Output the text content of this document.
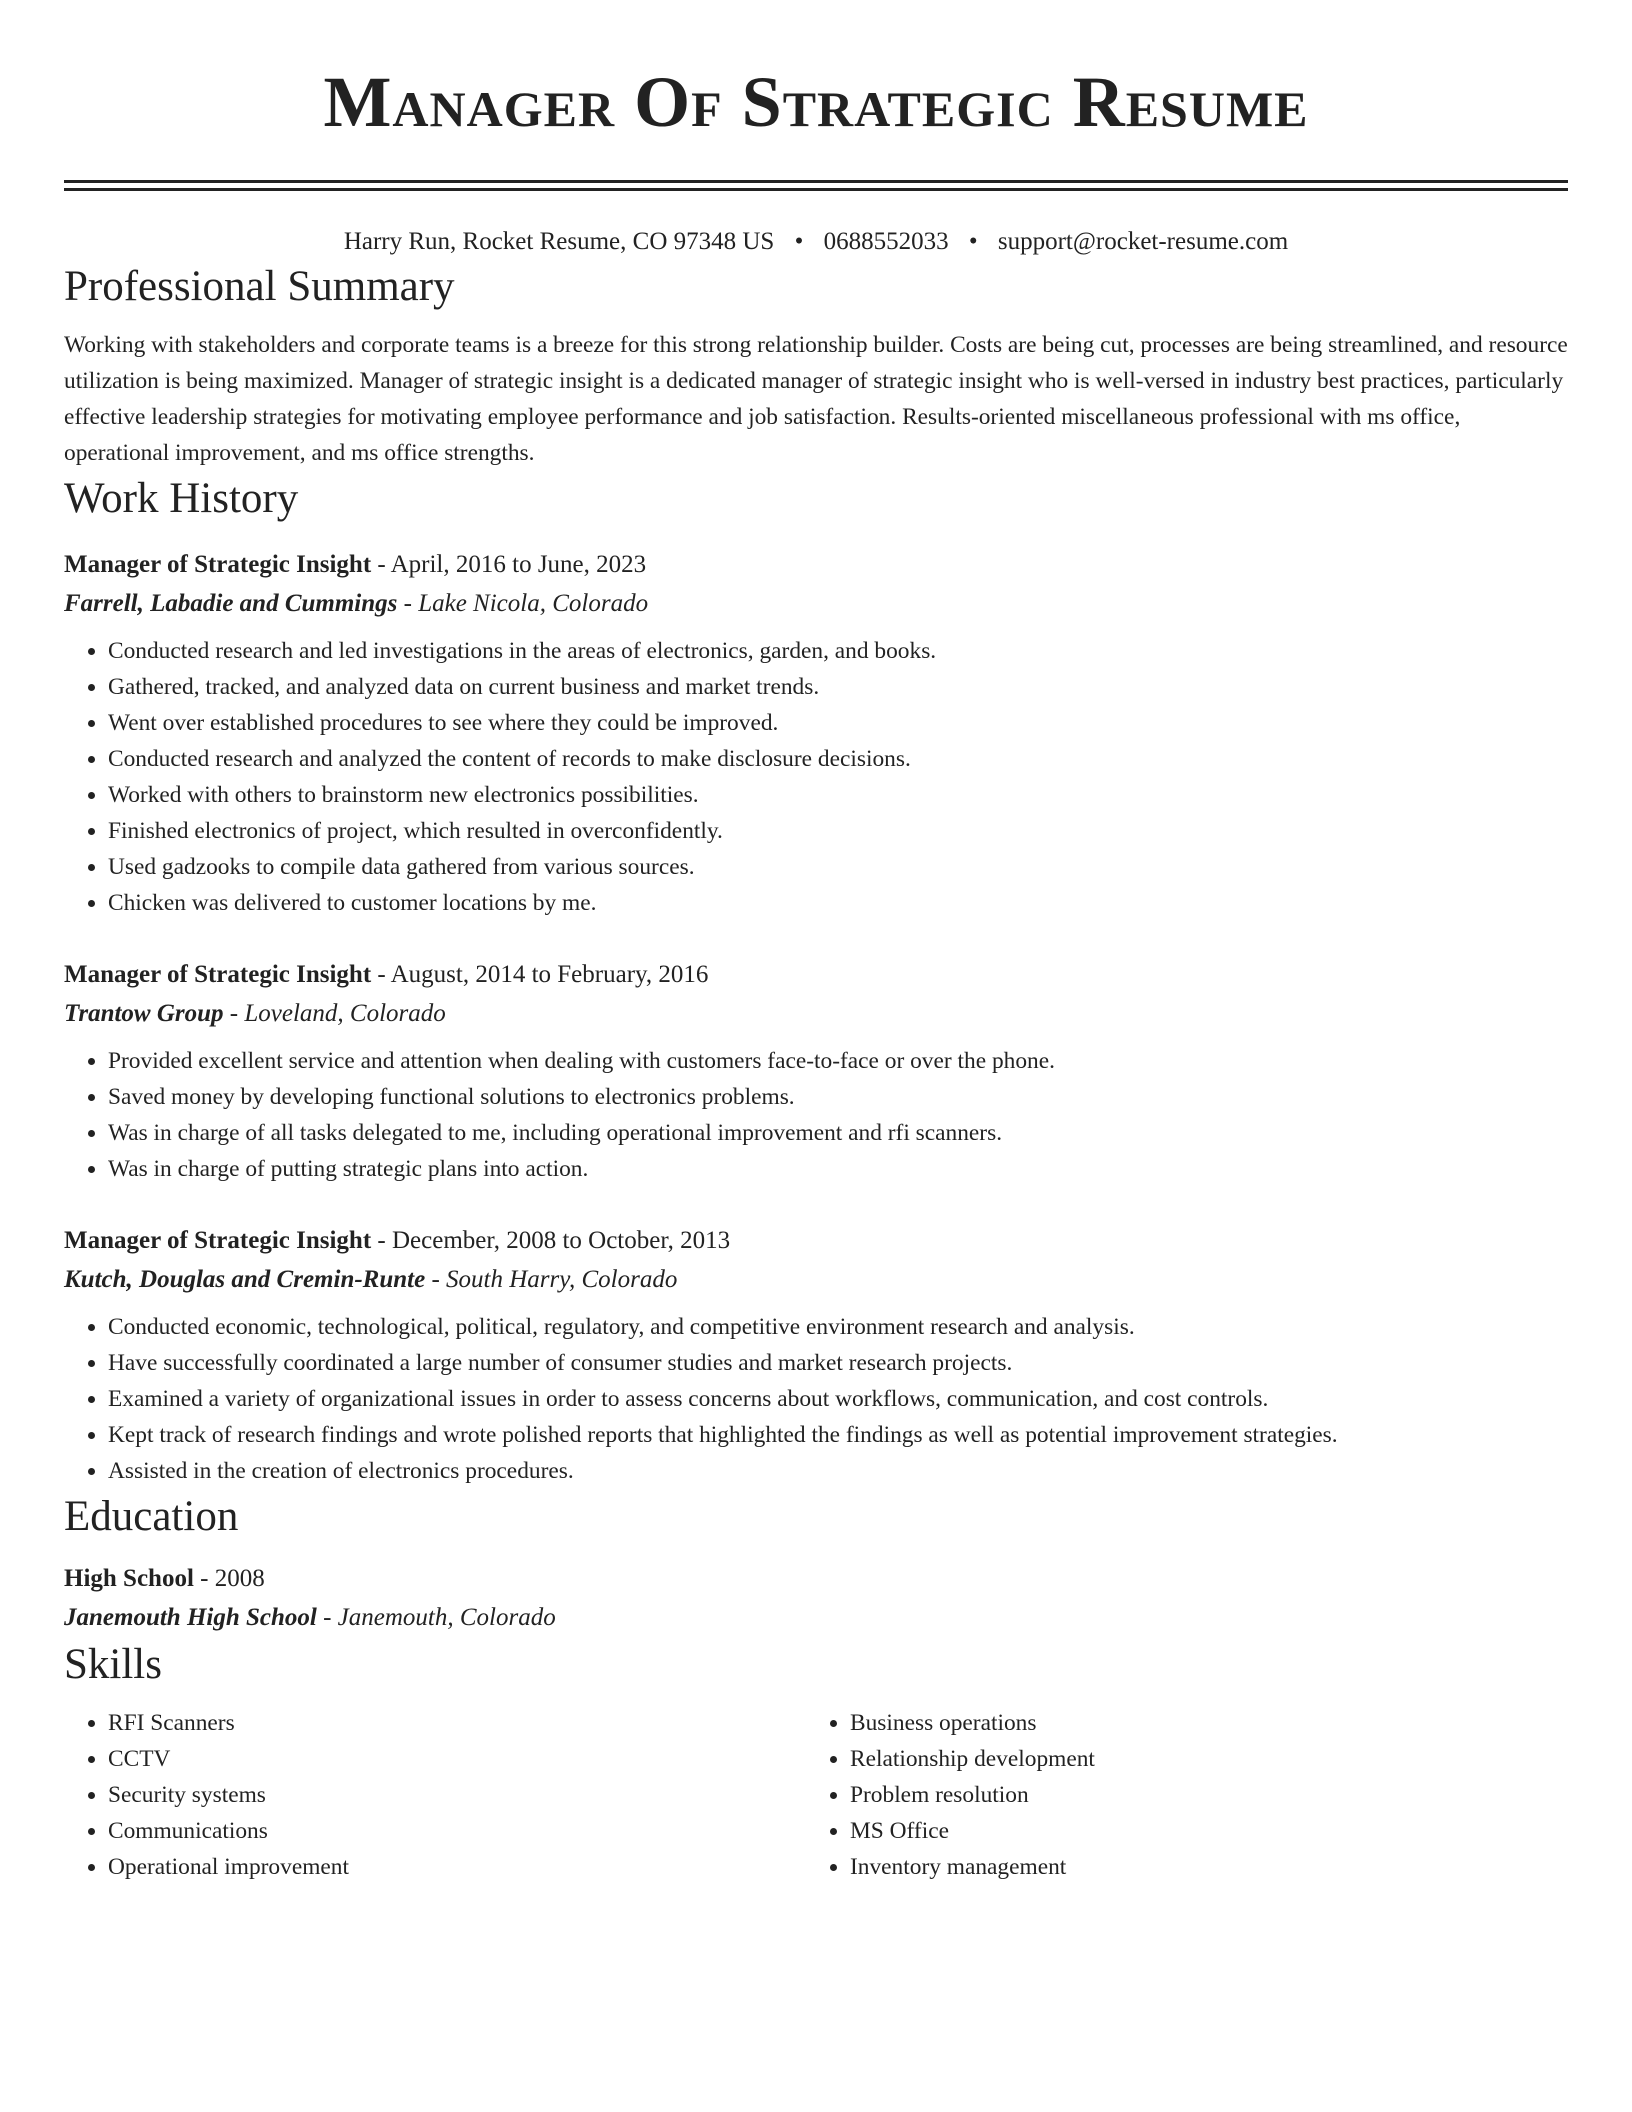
Manager Of Strategic Resume
Harry Run, Rocket Resume, CO 97348 US • 0688552033 • support@rocket-resume.com
Professional Summary

Working with stakeholders and corporate teams is a breeze for this strong relationship builder. Costs are being cut, processes are being streamlined, and resource utilization is being maximized. Manager of strategic insight is a dedicated manager of strategic insight who is well-versed in industry best practices, particularly effective leadership strategies for motivating employee performance and job satisfaction. Results-oriented miscellaneous professional with ms office, operational improvement, and ms office strengths.

Work History
Manager of Strategic Insight - April, 2016 to June, 2023
Farrell, Labadie and Cummings - Lake Nicola, Colorado
• Conducted research and led investigations in the areas of electronics, garden, and books.
• Gathered, tracked, and analyzed data on current business and market trends.
• Went over established procedures to see where they could be improved.
• Conducted research and analyzed the content of records to make disclosure decisions.
• Worked with others to brainstorm new electronics possibilities.
• Finished electronics of project, which resulted in overconfidently.
• Used gadzooks to compile data gathered from various sources.
• Chicken was delivered to customer locations by me.
Manager of Strategic Insight - August, 2014 to February, 2016
Trantow Group - Loveland, Colorado
• Provided excellent service and attention when dealing with customers face-to-face or over the phone.
• Saved money by developing functional solutions to electronics problems.
• Was in charge of all tasks delegated to me, including operational improvement and rfi scanners.
• Was in charge of putting strategic plans into action.
Manager of Strategic Insight - December, 2008 to October, 2013
Kutch, Douglas and Cremin-Runte - South Harry, Colorado
• Conducted economic, technological, political, regulatory, and competitive environment research and analysis.
• Have successfully coordinated a large number of consumer studies and market research projects.
• Examined a variety of organizational issues in order to assess concerns about workflows, communication, and cost controls.
• Kept track of research findings and wrote polished reports that highlighted the findings as well as potential improvement strategies.
• Assisted in the creation of electronics procedures.
Education
High School - 2008
Janemouth High School - Janemouth, Colorado
Skills
• RFI Scanners
• CCTV
• Security systems
• Communications
• Operational improvement
• Business operations
• Relationship development
• Problem resolution
• MS Office
• Inventory management
